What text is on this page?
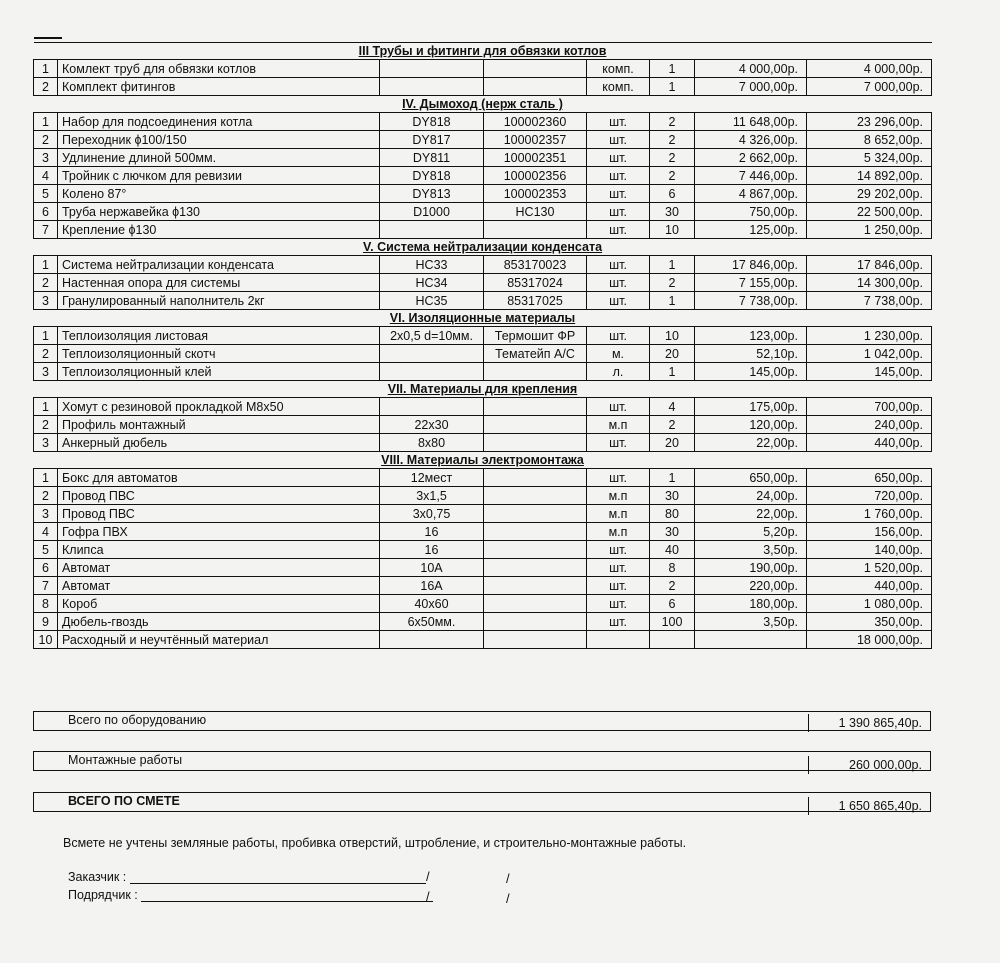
III Трубы и фитинги для обвязки котлов							
1	Комлект труб для обвязки котлов			комп.	1	4 000,00р.	4 000,00р.
2	Комплект фитингов			комп.	1	7 000,00р.	7 000,00р.
IV. Дымоход (нерж сталь )							
1	Набор для подсоединения котла	DY818	100002360	шт.	2	11 648,00р.	23 296,00р.
2	Переходник ϕ100/150	DY817	100002357	шт.	2	4 326,00р.	8 652,00р.
3	Удлинение длиной 500мм.	DY811	100002351	шт.	2	2 662,00р.	5 324,00р.
4	Тройник с лючком для ревизии	DY818	100002356	шт.	2	7 446,00р.	14 892,00р.
5	Колено 87°	DY813	100002353	шт.	6	4 867,00р.	29 202,00р.
6	Труба нержавейка ϕ130	D1000	HC130	шт.	30	750,00р.	22 500,00р.
7	Крепление ϕ130			шт.	10	125,00р.	1 250,00р.
V. Система нейтрализации конденсата							
1	Система нейтрализации конденсата	HC33	853170023	шт.	1	17 846,00р.	17 846,00р.
2	Настенная опора для системы	HC34	85317024	шт.	2	7 155,00р.	14 300,00р.
3	Гранулированный наполнитель 2кг	HC35	85317025	шт.	1	7 738,00р.	7 738,00р.
VI. Изоляционные материалы							
1	Теплоизоляция листовая	2х0,5 d=10мм.	Термошит ФР	шт.	10	123,00р.	1 230,00р.
2	Теплоизоляционный скотч		Тематейп А/С	м.	20	52,10р.	1 042,00р.
3	Теплоизоляционный клей			л.	1	145,00р.	145,00р.
VII. Материалы для крепления							
1	Хомут с резиновой прокладкой М8х50			шт.	4	175,00р.	700,00р.
2	Профиль монтажный	22х30		м.п	2	120,00р.	240,00р.
3	Анкерный дюбель	8х80		шт.	20	22,00р.	440,00р.
VIII. Материалы электромонтажа							
1	Бокс для автоматов	12мест		шт.	1	650,00р.	650,00р.
2	Провод ПВС	3х1,5		м.п	30	24,00р.	720,00р.
3	Провод ПВС	3х0,75		м.п	80	22,00р.	1 760,00р.
4	Гофра ПВХ	16		м.п	30	5,20р.	156,00р.
5	Клипса	16		шт.	40	3,50р.	140,00р.
6	Автомат	10А		шт.	8	190,00р.	1 520,00р.
7	Автомат	16А		шт.	2	220,00р.	440,00р.
8	Короб	40х60		шт.	6	180,00р.	1 080,00р.
9	Дюбель-гвоздь	6х50мм.		шт.	100	3,50р.	350,00р.
10	Расходный и неучтённый материал						18 000,00р.
Всего по оборудованию	1 390 865,40р.
Монтажные работы	260 000,00р.
ВСЕГО ПО СМЕТЕ	1 650 865,40р.
Всмете не учтены земляные работы, пробивка отверстий, штробление, и строительно-монтажные работы.
Заказчик :
Подрядчик :
/	/
/	/
